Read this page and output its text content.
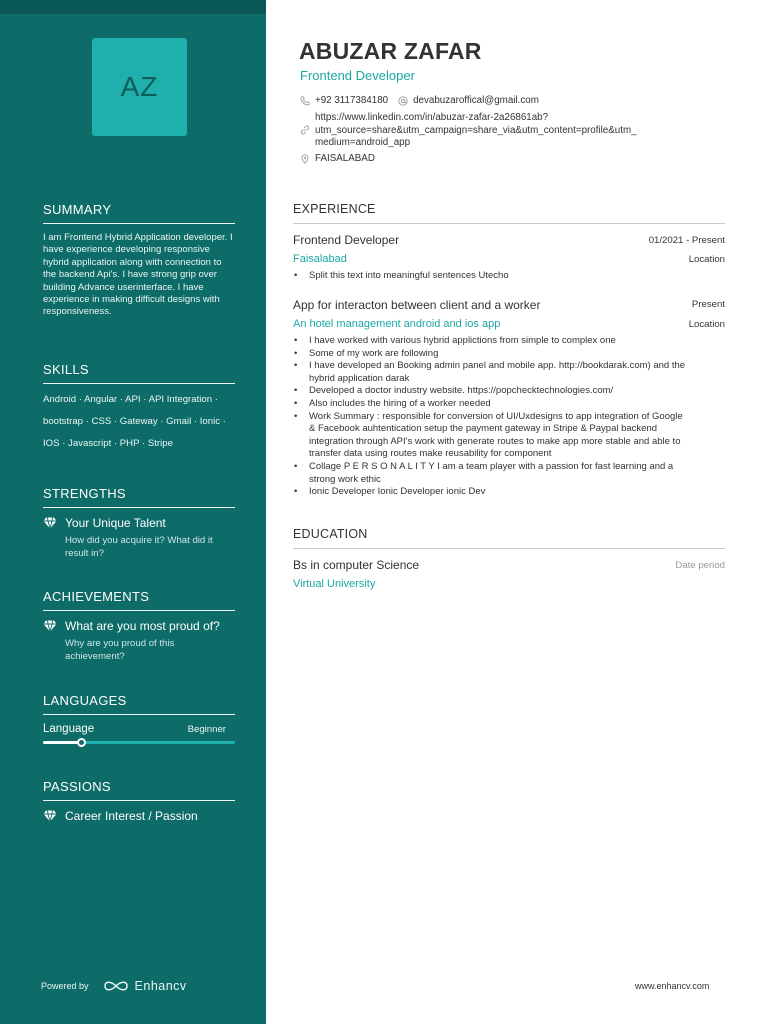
AZ
SUMMARY

I am Frontend Hybrid Application developer. I have experience developing responsive hybrid application along with connection to the backend Api's. I have strong grip over building Advance userinterface. I have experience in making difficult designs with responsiveness.

SKILLS
Android · Angular · API · API Integration ·
bootstrap · CSS · Gateway · Gmail · Ionic ·
IOS · Javascript · PHP · Stripe
STRENGTHS
Your Unique Talent
How did you acquire it? What did it result in?
ACHIEVEMENTS
What are you most proud of?
Why are you proud of this achievement?
LANGUAGES
Language	Beginner
PASSIONS
Career Interest / Passion
Powered by	Enhancv
ABUZAR ZAFAR
Frontend Developer
+92 3117384180	devabuzaroffical@gmail.com
https://www.linkedin.com/in/abuzar-zafar-2a26861ab?
utm_source=share&utm_campaign=share_via&utm_content=profile&utm_
medium=android_app
FAISALABAD
EXPERIENCE
Frontend Developer	01/2021 - Present
Faisalabad	Location
• Split this text into meaningful sentences Utecho
App for interacton between client and a worker	Present
An hotel management android and ios app	Location
• I have worked with various hybrid applictions from simple to complex one
• Some of my work are following
• I have developed an Booking admin panel and mobile app. http://bookdarak.com) and the
hybrid application darak
• Developed a doctor industry website. https://popchecktechnologies.com/
• Also includes the hiring of a worker needed
• Work Summary : responsible for conversion of UI/Uxdesigns to app integration of Google
& Facebook auhtentication setup the payment gateway in Stripe & Paypal backend
integration through API's work with generate routes to make app more stable and able to
transfer data using routes make reusability for component
• Collage P E R S O N A L I T Y I am a team player with a passion for fast learning and a
strong work ethic
• Ionic Developer Ionic Developer ionic Dev
EDUCATION
Bs in computer Science	Date period
Virtual University
www.enhancv.com
